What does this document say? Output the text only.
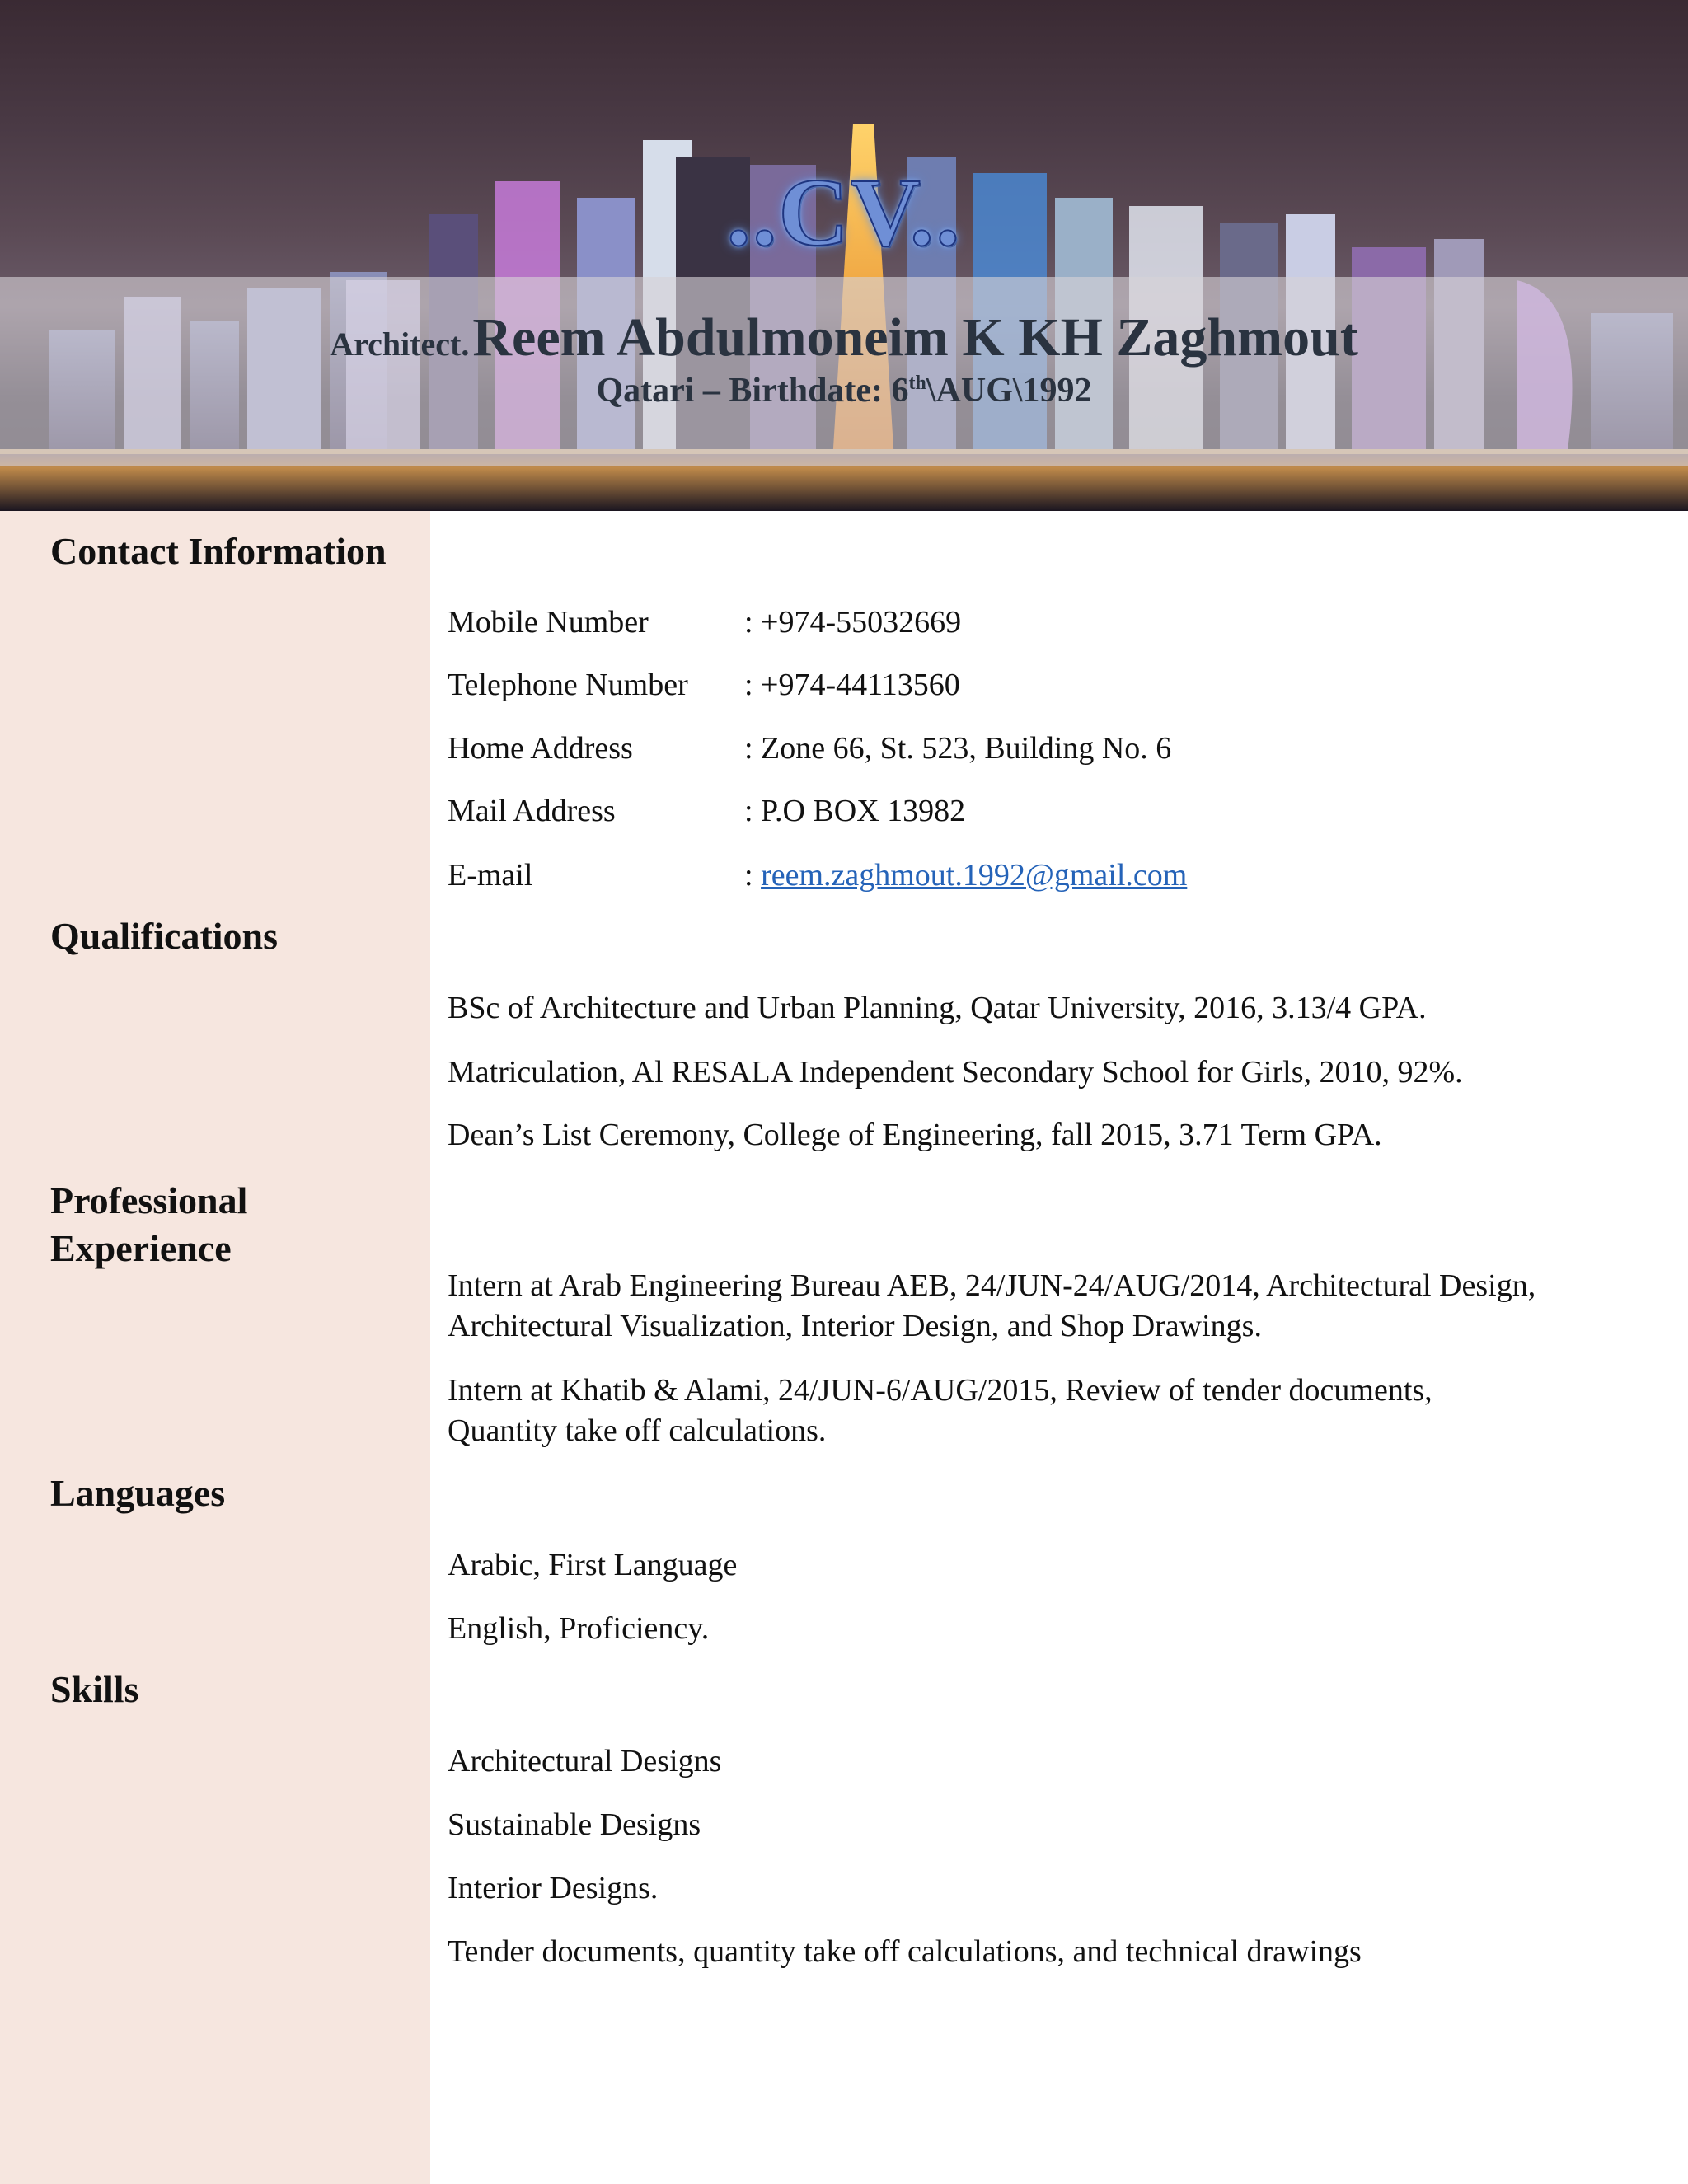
..CV..
Architect. Reem Abdulmoneim K KH Zaghmout
Qatari – Birthdate: 6th\AUG\1992
Contact Information
Qualifications
Professional
Experience
Languages
Skills
Mobile Number	: +974-55032669
Telephone Number : +974-44113560
Home Address	: Zone 66, St. 523, Building No. 6
Mail Address	: P.O BOX 13982
E-mail	: reem.zaghmout.1992@gmail.com
BSc of Architecture and Urban Planning, Qatar University, 2016, 3.13/4 GPA.
Matriculation, Al RESALA Independent Secondary School for Girls, 2010, 92%.
Dean’s List Ceremony, College of Engineering, fall 2015, 3.71 Term GPA.
Intern at Arab Engineering Bureau AEB, 24/JUN-24/AUG/2014, Architectural Design, Architectural Visualization, Interior Design, and Shop Drawings.
Intern at Khatib & Alami, 24/JUN-6/AUG/2015, Review of tender documents, Quantity take off calculations.
Arabic, First Language
English, Proficiency.
Architectural Designs
Sustainable Designs
Interior Designs.
Tender documents, quantity take off calculations, and technical drawings
